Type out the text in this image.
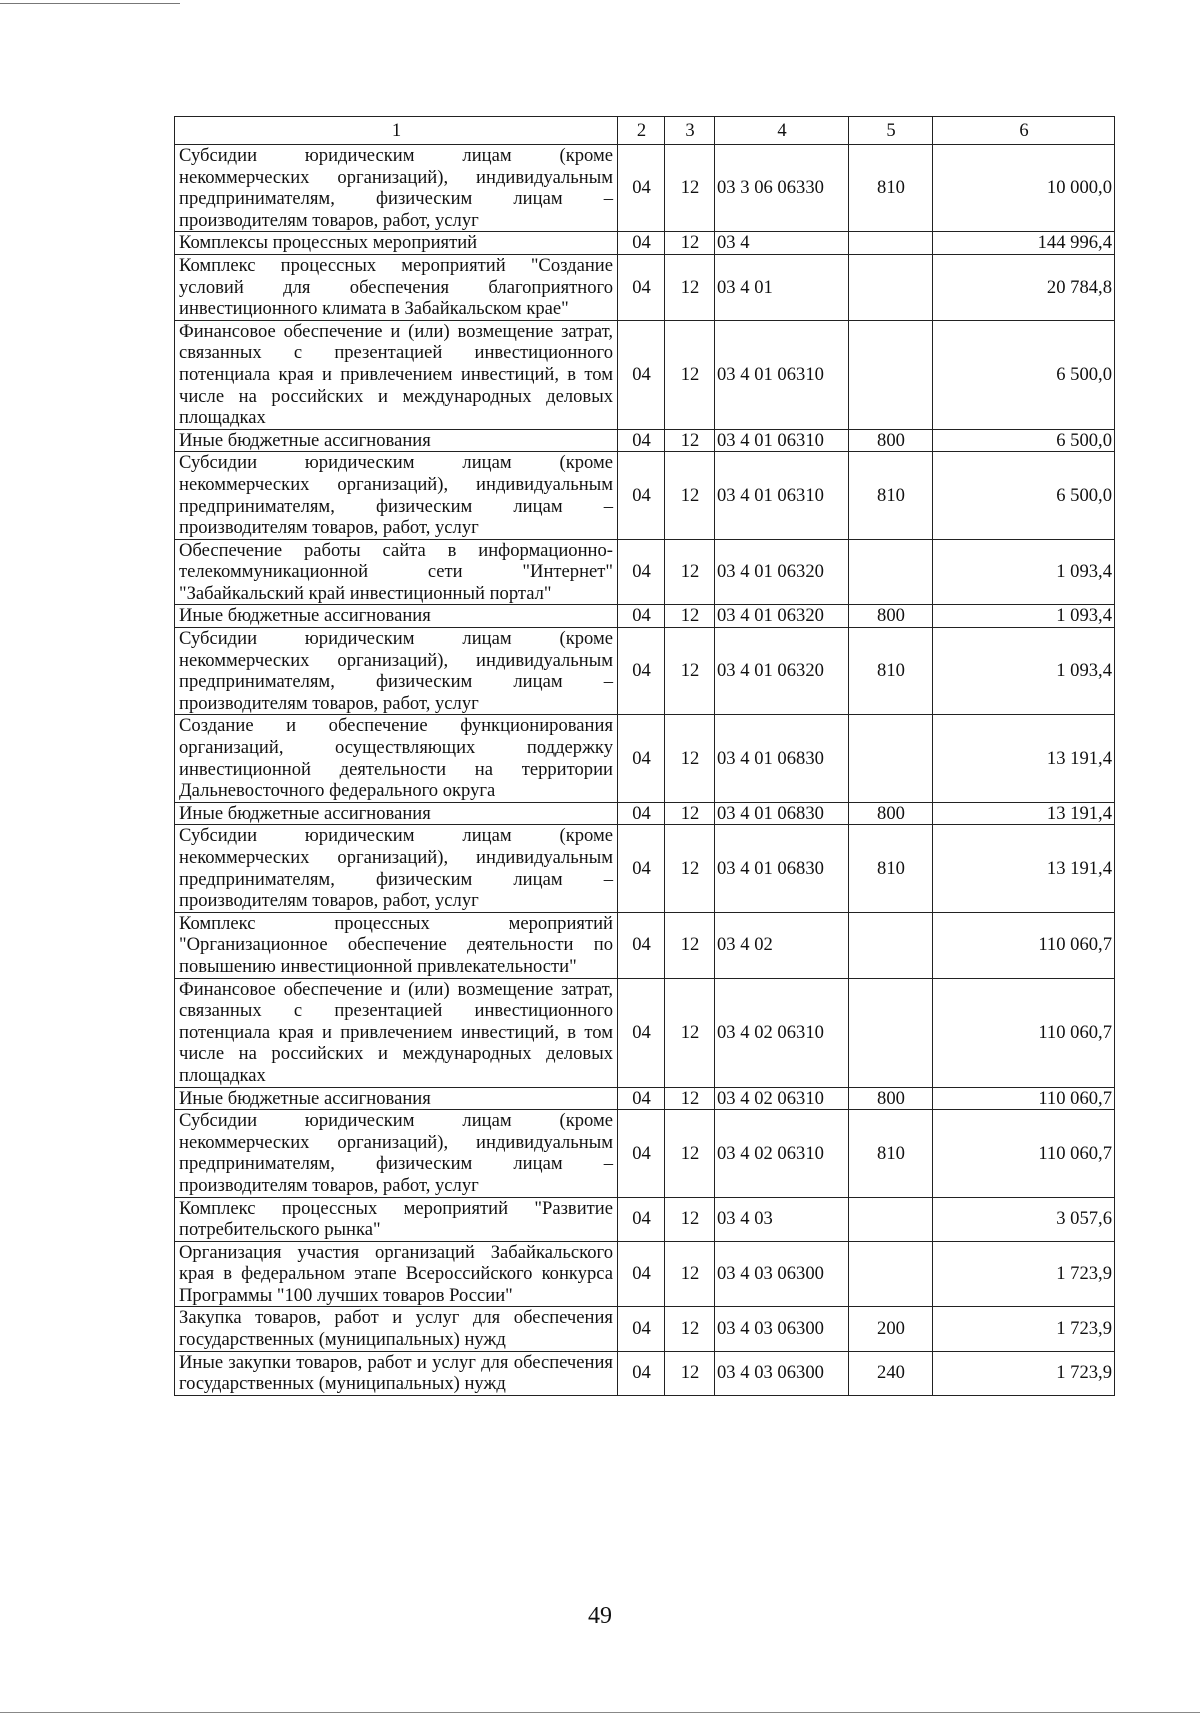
1	2	3	4	5	6
Субсидии юридическим лицам (кроме некоммерческих организаций), индивидуальным предпринимателям, физическим лицам – производителям товаров, работ, услуг	04	12	03 3 06 06330	810	10 000,0
Комплексы процессных мероприятий	04	12	03 4		144 996,4
Комплекс процессных мероприятий "Создание условий для обеспечения благоприятного инвестиционного климата в Забайкальском крае"	04	12	03 4 01		20 784,8
Финансовое обеспечение и (или) возмещение затрат, связанных с презентацией инвестиционного потенциала края и привлечением инвестиций, в том числе на российских и международных деловых площадках	04	12	03 4 01 06310		6 500,0
Иные бюджетные ассигнования	04	12	03 4 01 06310	800	6 500,0
Субсидии юридическим лицам (кроме некоммерческих организаций), индивидуальным предпринимателям, физическим лицам – производителям товаров, работ, услуг	04	12	03 4 01 06310	810	6 500,0
Обеспечение работы сайта в информационно-телекоммуникационной сети "Интернет" "Забайкальский край инвестиционный портал"	04	12	03 4 01 06320		1 093,4
Иные бюджетные ассигнования	04	12	03 4 01 06320	800	1 093,4
Субсидии юридическим лицам (кроме некоммерческих организаций), индивидуальным предпринимателям, физическим лицам – производителям товаров, работ, услуг	04	12	03 4 01 06320	810	1 093,4
Создание и обеспечение функционирования организаций, осуществляющих поддержку инвестиционной деятельности на территории Дальневосточного федерального округа	04	12	03 4 01 06830		13 191,4
Иные бюджетные ассигнования	04	12	03 4 01 06830	800	13 191,4
Субсидии юридическим лицам (кроме некоммерческих организаций), индивидуальным предпринимателям, физическим лицам – производителям товаров, работ, услуг	04	12	03 4 01 06830	810	13 191,4
Комплекс процессных мероприятий "Организационное обеспечение деятельности по повышению инвестиционной привлекательности"	04	12	03 4 02		110 060,7
Финансовое обеспечение и (или) возмещение затрат, связанных с презентацией инвестиционного потенциала края и привлечением инвестиций, в том числе на российских и международных деловых площадках	04	12	03 4 02 06310		110 060,7
Иные бюджетные ассигнования	04	12	03 4 02 06310	800	110 060,7
Субсидии юридическим лицам (кроме некоммерческих организаций), индивидуальным предпринимателям, физическим лицам – производителям товаров, работ, услуг	04	12	03 4 02 06310	810	110 060,7
Комплекс процессных мероприятий "Развитие потребительского рынка"	04	12	03 4 03		3 057,6
Организация участия организаций Забайкальского края в федеральном этапе Всероссийского конкурса Программы "100 лучших товаров России"	04	12	03 4 03 06300		1 723,9
Закупка товаров, работ и услуг для обеспечения государственных (муниципальных) нужд	04	12	03 4 03 06300	200	1 723,9
Иные закупки товаров, работ и услуг для обеспечения государственных (муниципальных) нужд	04	12	03 4 03 06300	240	1 723,9
49
